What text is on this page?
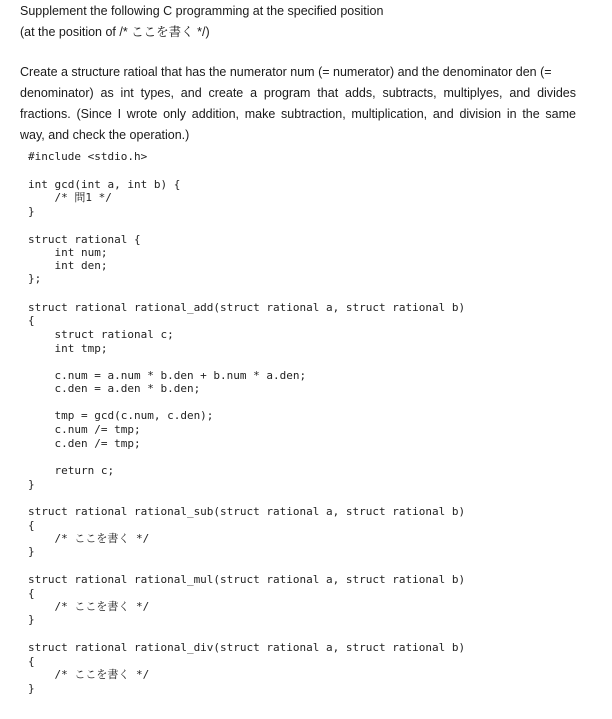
Supplement the following C programming at the specified position
(at the position of /* ここを書く */)
Create a structure ratioal that has the numerator num (= numerator) and the denominator den (=
denominator) as int types, and create a program that adds, subtracts, multiplyes, and divides
fractions. (Since I wrote only addition, make subtraction, multiplication, and division in the same
way, and check the operation.)
#include <stdio.h>
int gcd(int a, int b) {
/* 問1 */
}
struct rational {
int num;
int den;
};
struct rational rational_add(struct rational a, struct rational b)
{
struct rational c;
int tmp;
c.num = a.num * b.den + b.num * a.den;
c.den = a.den * b.den;
tmp = gcd(c.num, c.den);
c.num /= tmp;
c.den /= tmp;
return c;
}
struct rational rational_sub(struct rational a, struct rational b)
{
/* ここを書く */
}
struct rational rational_mul(struct rational a, struct rational b)
{
/* ここを書く */
}
struct rational rational_div(struct rational a, struct rational b)
{
/* ここを書く */
}
